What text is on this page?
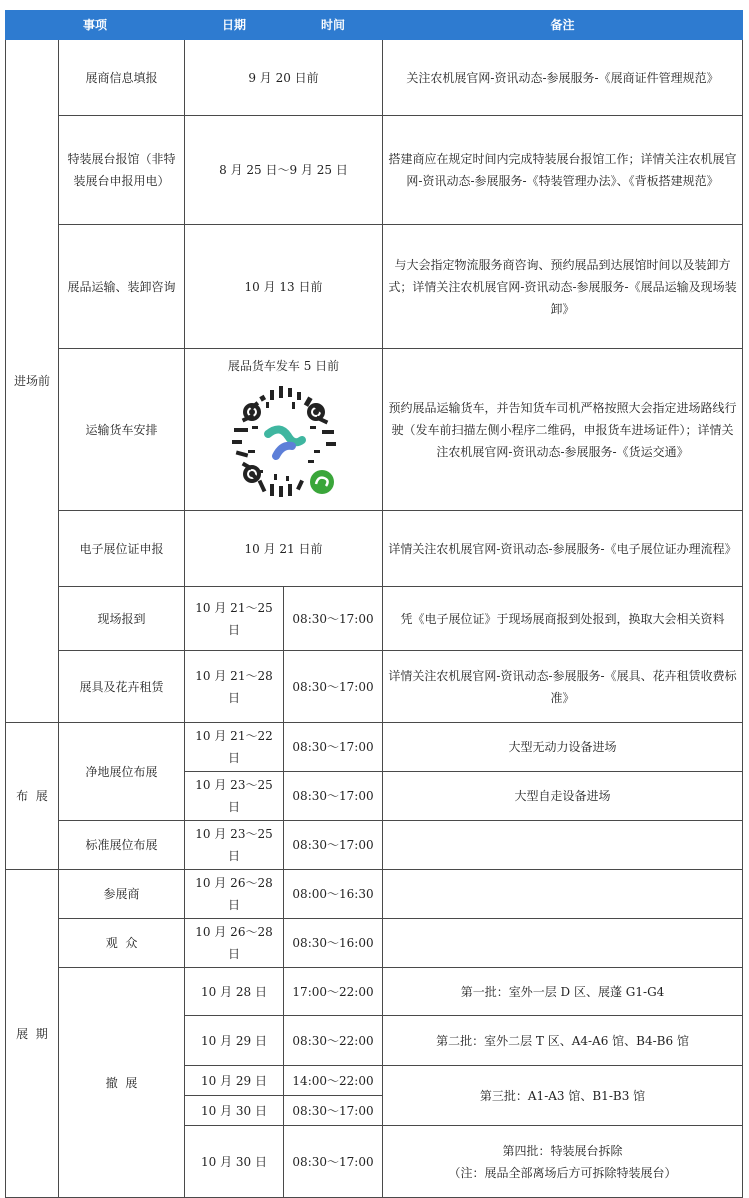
事项		日期	时间	备注
进场前	展商信息填报	9 月 20 日前		关注农机展官网-资讯动态-参展服务-《展商证件管理规范》
	特装展台报馆（非特装展台申报用电）	8 月 25 日～9 月 25 日		搭建商应在规定时间内完成特装展台报馆工作；详情关注农机展官网-资讯动态-参展服务-《特装管理办法》、《背板搭建规范》
	展品运输、装卸咨询	10 月 13 日前		与大会指定物流服务商咨询、预约展品到达展馆时间以及装卸方式；详情关注农机展官网-资讯动态-参展服务-《展品运输及现场装卸》
	运输货车安排	展品货车发车 5 日前		预约展品运输货车，并告知货车司机严格按照大会指定进场路线行驶（发车前扫描左侧小程序二维码，申报货车进场证件）；详情关注农机展官网-资讯动态-参展服务-《货运交通》
	电子展位证申报	10 月 21 日前		详情关注农机展官网-资讯动态-参展服务-《电子展位证办理流程》
	现场报到	10 月 21～25 日	08:30～17:00	凭《电子展位证》于现场展商报到处报到，换取大会相关资料
	展具及花卉租赁	10 月 21～28 日	08:30～17:00	详情关注农机展官网-资讯动态-参展服务-《展具、花卉租赁收费标准》
布  展	净地展位布展	10 月 21～22 日	08:30～17:00	大型无动力设备进场
		10 月 23～25 日	08:30～17:00	大型自走设备进场
	标准展位布展	10 月 23～25 日	08:30～17:00	
展  期	参展商	10 月 26～28 日	08:00～16:30	
	观  众	10 月 26～28 日	08:30～16:00	
	撤  展	10 月 28 日	17:00～22:00	第一批：室外一层 D 区、展蓬 G1-G4
		10 月 29 日	08:30～22:00	第二批：室外二层 T 区、A4-A6 馆、B4-B6 馆
		10 月 29 日	14:00～22:00	第三批：A1-A3 馆、B1-B3 馆
		10 月 30 日	08:30～17:00	
		10 月 30 日	08:30～17:00	第四批：特装展台拆除
（注：展品全部离场后方可拆除特装展台）
